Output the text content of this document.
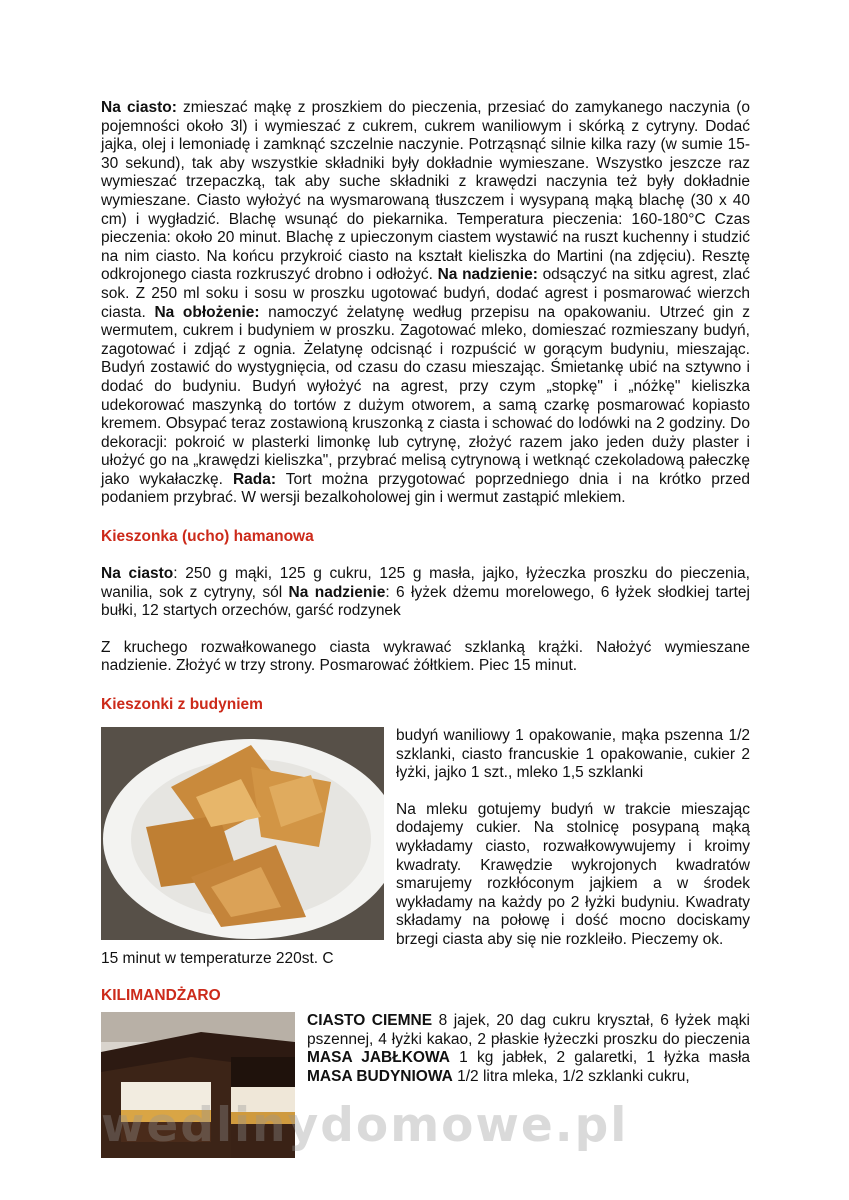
Na ciasto: zmieszać mąkę z proszkiem do pieczenia, przesiać do zamykanego naczynia (o pojemności około 3l) i wymieszać z cukrem, cukrem waniliowym i skórką z cytryny. Dodać jajka, olej i lemoniadę i zamknąć szczelnie naczynie. Potrząsnąć silnie kilka razy (w sumie 15-30 sekund), tak aby wszystkie składniki były dokładnie wymieszane. Wszystko jeszcze raz wymieszać trzepaczką, tak aby suche składniki z krawędzi naczynia też były dokładnie wymieszane. Ciasto wyłożyć na wysmarowaną tłuszczem i wysypaną mąką blachę (30 x 40 cm) i wygładzić. Blachę wsunąć do piekarnika. Temperatura pieczenia: 160-180°C Czas pieczenia: około 20 minut. Blachę z upieczonym ciastem wystawić na ruszt kuchenny i studzić na nim ciasto. Na końcu przykroić ciasto na kształt kieliszka do Martini (na zdjęciu). Resztę odkrojonego ciasta rozkruszyć drobno i odłożyć. Na nadzienie: odsączyć na sitku agrest, zlać sok. Z 250 ml soku i sosu w proszku ugotować budyń, dodać agrest i posmarować wierzch ciasta. Na obłożenie: namoczyć żelatynę według przepisu na opakowaniu. Utrzeć gin z wermutem, cukrem i budyniem w proszku. Zagotować mleko, domieszać rozmieszany budyń, zagotować i zdjąć z ognia. Żelatynę odcisnąć i rozpuścić w gorącym budyniu, mieszając. Budyń zostawić do wystygnięcia, od czasu do czasu mieszając. Śmietankę ubić na sztywno i dodać do budyniu. Budyń wyłożyć na agrest, przy czym „stopkę" i „nóżkę" kieliszka udekorować maszynką do tortów z dużym otworem, a samą czarkę posmarować kopiasto kremem. Obsypać teraz zostawioną kruszonką z ciasta i schować do lodówki na 2 godziny. Do dekoracji: pokroić w plasterki limonkę lub cytrynę, złożyć razem jako jeden duży plaster i ułożyć go na „krawędzi kieliszka", przybrać melisą cytrynową i wetknąć czekoladową pałeczkę jako wykałaczkę. Rada: Tort można przygotować poprzedniego dnia i na krótko przed podaniem przybrać. W wersji bezalkoholowej gin i wermut zastąpić mlekiem.

Kieszonka (ucho) hamanowa

Na ciasto: 250 g mąki, 125 g cukru, 125 g masła, jajko, łyżeczka proszku do pieczenia, wanilia, sok z cytryny, sól Na nadzienie: 6 łyżek dżemu morelowego, 6 łyżek słodkiej tartej bułki, 12 startych orzechów, garść rodzynek

Z kruchego rozwałkowanego ciasta wykrawać szklanką krążki. Nałożyć wymieszane nadzienie. Złożyć w trzy strony. Posmarować żółtkiem. Piec 15 minut.

Kieszonki z budyniem

budyń waniliowy 1 opakowanie, mąka pszenna 1/2 szklanki, ciasto francuskie 1 opakowanie, cukier 2 łyżki, jajko 1 szt., mleko 1,5 szklanki

Na mleku gotujemy budyń w trakcie mieszając dodajemy cukier. Na stolnicę posypaną mąką wykładamy ciasto, rozwałkowywujemy i kroimy kwadraty. Krawędzie wykrojonych kwadratów smarujemy rozkłóconym jajkiem a w środek wykładamy na każdy po 2 łyżki budyniu. Kwadraty składamy na połowę i dość mocno dociskamy brzegi ciasta aby się nie rozkleiło. Pieczemy ok.

15 minut w temperaturze 220st. C

KILIMANDŻARO

CIASTO CIEMNE 8 jajek, 20 dag cukru kryształ, 6 łyżek mąki pszennej, 4 łyżki kakao, 2 płaskie łyżeczki proszku do pieczenia MASA JABŁKOWA 1 kg jabłek, 2 galaretki, 1 łyżka masła MASA BUDYNIOWA 1/2 litra mleka, 1/2 szklanki cukru,

wedlinydomowe.pl
